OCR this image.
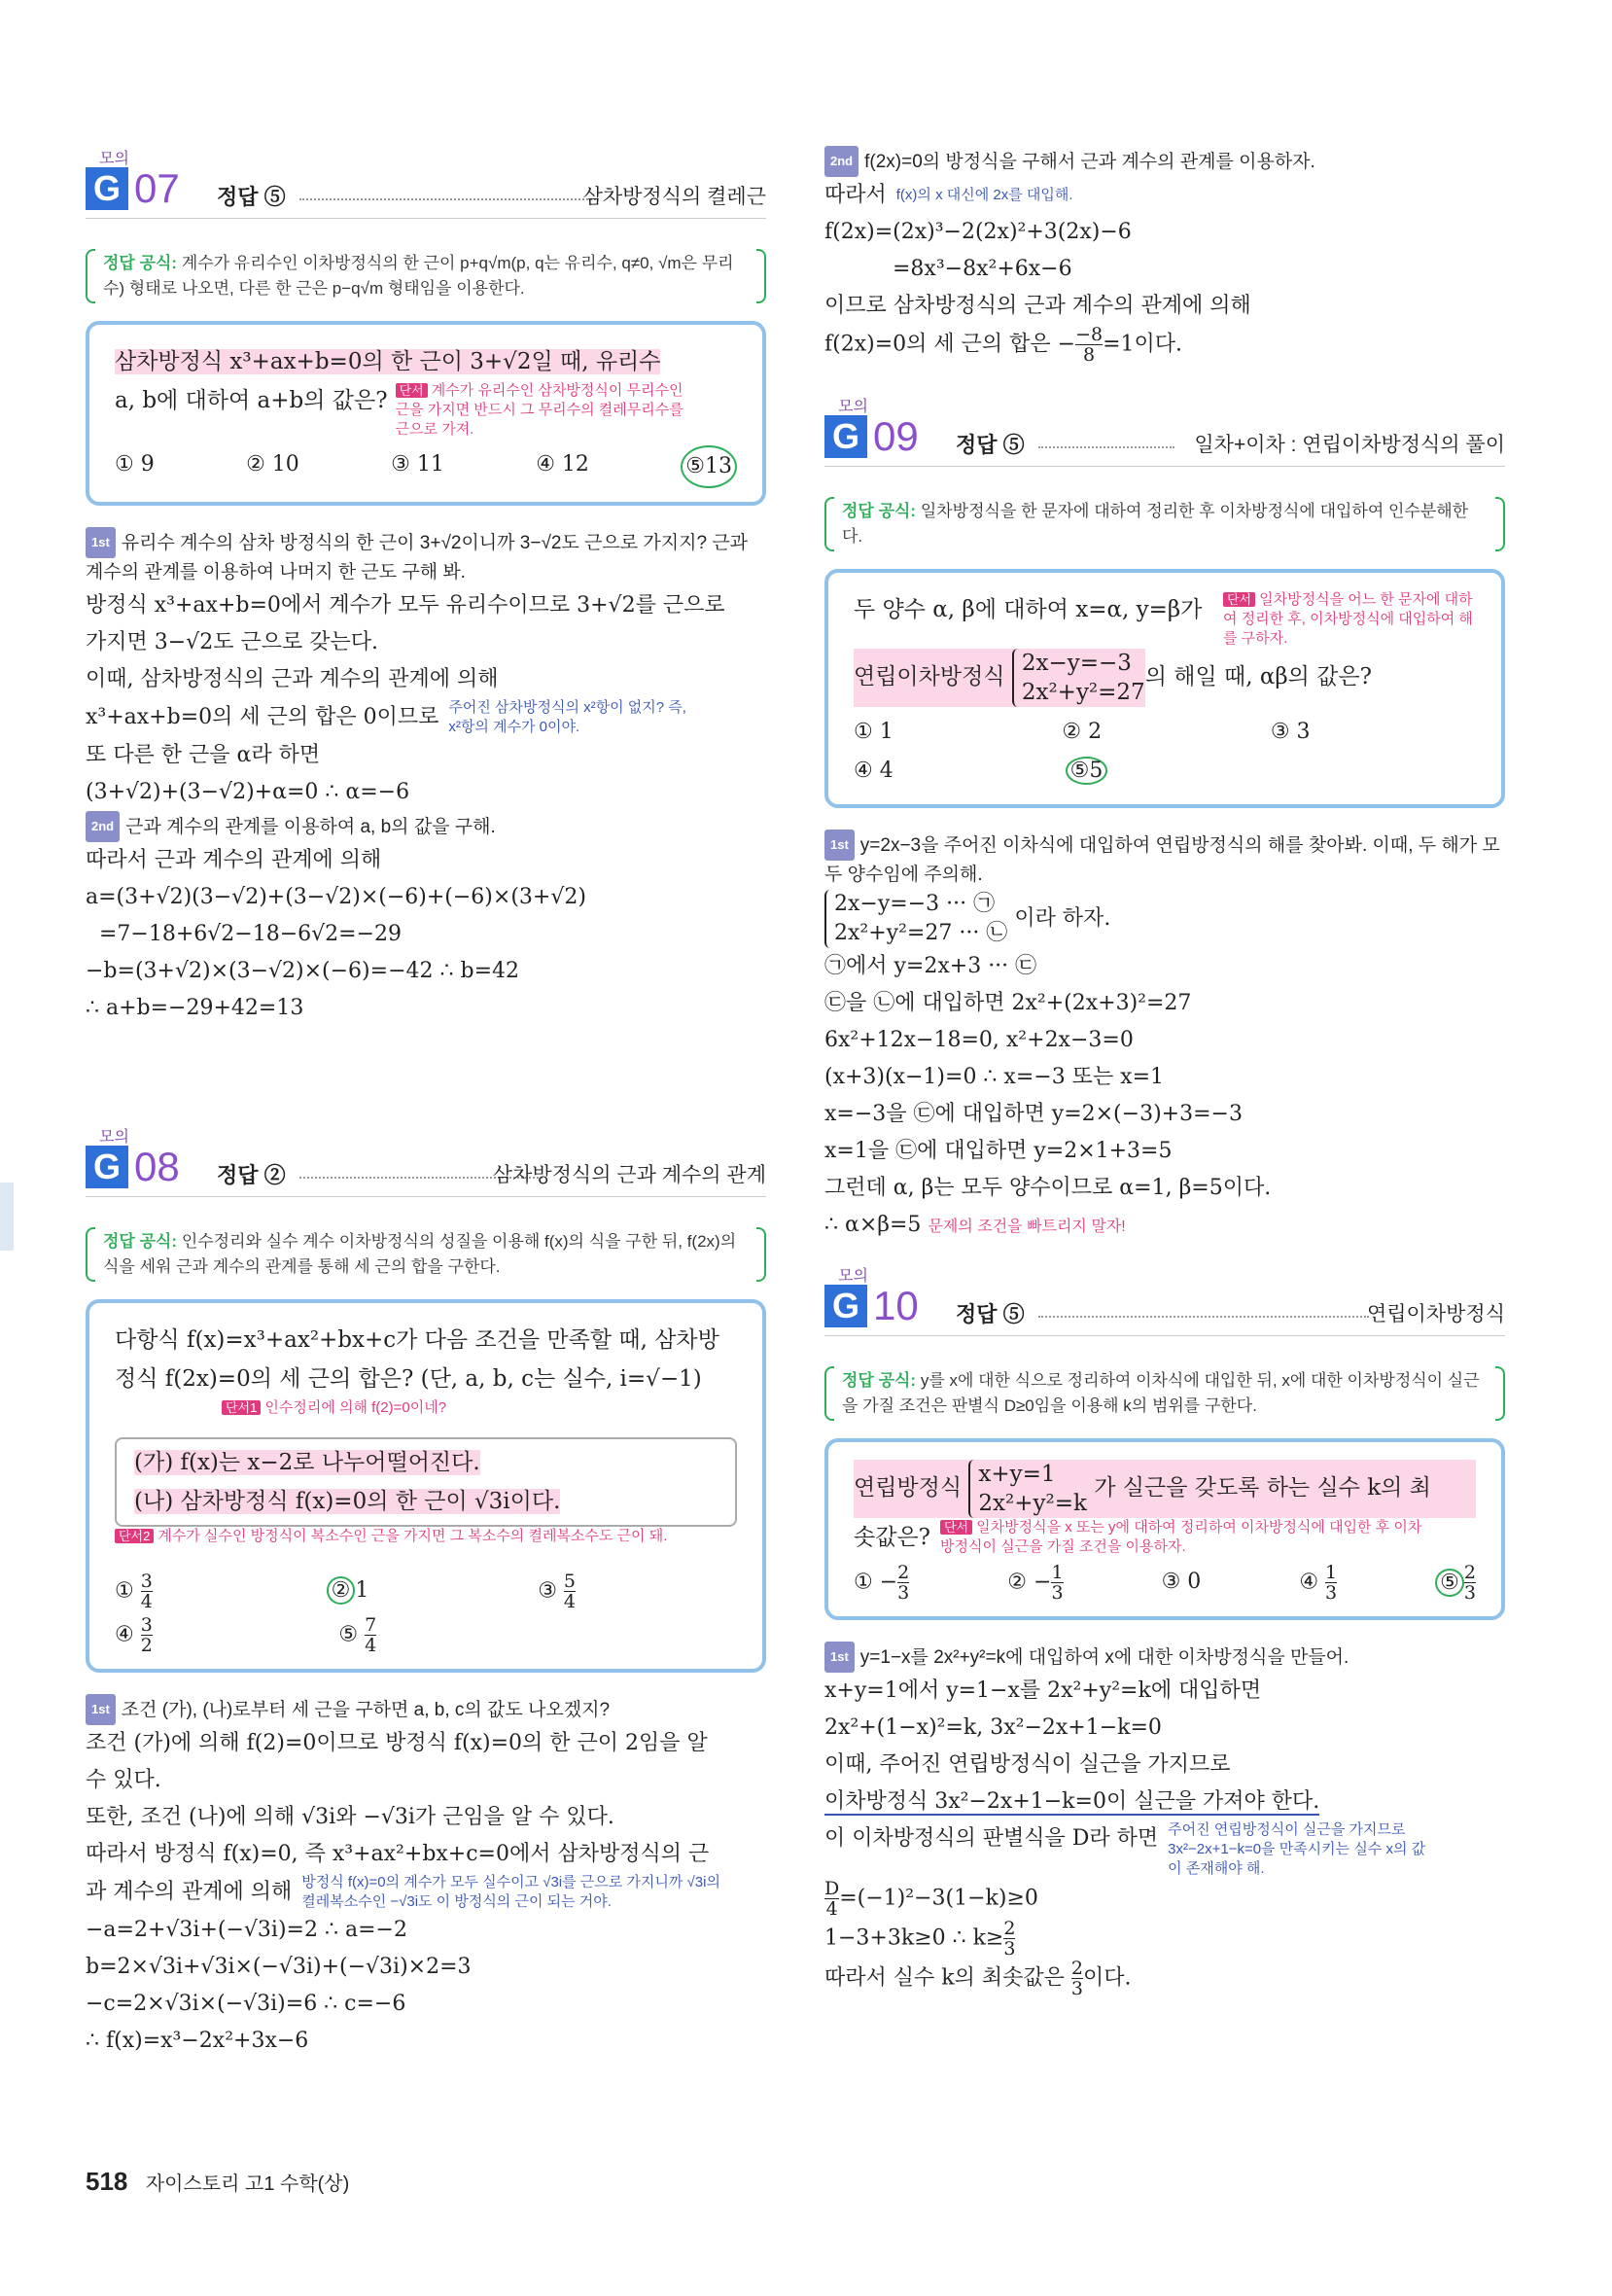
모의
G 07 정답 ⑤	삼차방정식의 켤레근
정답 공식: 계수가 유리수인 이차방정식의 한 근이 p+q√m(p, q는 유리수, q≠0, √m은 무리수) 형태로 나오면, 다른 한 근은 p−q√m 형태임을 이용한다.
삼차방정식 x³+ax+b=0의 한 근이 3+√2일 때, 유리수
a, b에 대하여 a+b의 값은? 단서 계수가 유리수인 삼차방정식이 무리수인 근을 가지면 반드시 그 무리수의 켤레무리수를 근으로 가져.
① 9	② 10	③ 11	④ 12	⑤13
1st 유리수 계수의 삼차 방정식의 한 근이 3+√2이니까 3−√2도 근으로 가지지? 근과 계수의 관계를 이용하여 나머지 한 근도 구해 봐.
방정식 x³+ax+b=0에서 계수가 모두 유리수이므로 3+√2를 근으로
가지면 3−√2도 근으로 갖는다.
이때, 삼차방정식의 근과 계수의 관계에 의해
x³+ax+b=0의 세 근의 합은 0이므로 주어진 삼차방정식의 x²항이 없지? 즉, x²항의 계수가 0이야.
또 다른 한 근을 α라 하면
(3+√2)+(3−√2)+α=0 ∴ α=−6
2nd 근과 계수의 관계를 이용하여 a, b의 값을 구해.
따라서 근과 계수의 관계에 의해
a=(3+√2)(3−√2)+(3−√2)×(−6)+(−6)×(3+√2)
=7−18+6√2−18−6√2=−29
−b=(3+√2)×(3−√2)×(−6)=−42 ∴ b=42
∴ a+b=−29+42=13
모의
G 08 정답 ②	삼차방정식의 근과 계수의 관계
정답 공식: 인수정리와 실수 계수 이차방정식의 성질을 이용해 f(x)의 식을 구한 뒤, f(2x)의 식을 세워 근과 계수의 관계를 통해 세 근의 합을 구한다.
다항식 f(x)=x³+ax²+bx+c가 다음 조건을 만족할 때, 삼차방
정식 f(2x)=0의 세 근의 합은? (단, a, b, c는 실수, i=√−1)
단서1 인수정리에 의해 f(2)=0이네?
(가) f(x)는 x−2로 나누어떨어진다.
(나) 삼차방정식 f(x)=0의 한 근이 √3i이다.
단서2 계수가 실수인 방정식이 복소수인 근을 가지면 그 복소수의 켤레복소수도 근이 돼.
① $\frac{3}{4}$	② 1	③ $\frac{5}{4}$
④ $\frac{3}{2}$	⑤ $\frac{7}{4}$
1st 조건 (가), (나)로부터 세 근을 구하면 a, b, c의 값도 나오겠지?
조건 (가)에 의해 f(2)=0이므로 방정식 f(x)=0의 한 근이 2임을 알
수 있다.
또한, 조건 (나)에 의해 √3i와 −√3i가 근임을 알 수 있다.
따라서 방정식 f(x)=0, 즉 x³+ax²+bx+c=0에서 삼차방정식의 근
과 계수의 관계에 의해 방정식 f(x)=0의 계수가 모두 실수이고 √3i를 근으로 가지니까 √3i의 켤레복소수인 −√3i도 이 방정식의 근이 되는 거야.
−a=2+√3i+(−√3i)=2 ∴ a=−2
b=2×√3i+√3i×(−√3i)+(−√3i)×2=3
−c=2×√3i×(−√3i)=6 ∴ c=−6
∴ f(x)=x³−2x²+3x−6
2nd f(2x)=0의 방정식을 구해서 근과 계수의 관계를 이용하자.
따라서 f(x)의 x 대신에 2x를 대입해.
f(2x)=(2x)³−2(2x)²+3(2x)−6
=8x³−8x²+6x−6
이므로 삼차방정식의 근과 계수의 관계에 의해
f(2x)=0의 세 근의 합은 − $\frac{-8}{8} =1$이다.
모의
G 09 정답 ⑤	일차+이차 : 연립이차방정식의 풀이
정답 공식: 일차방정식을 한 문자에 대하여 정리한 후 이차방정식에 대입하여 인수분해한다.
두 양수 α, β에 대하여 x=α, y=β가	단서 일차방정식을 어느 한 문자에 대하여 정리한 후, 이차방정식에 대입하여 해를 구하자.
연립이차방정식
2x−y=−3
2x²+y²=27
의 해일 때, αβ의 값은?
① 1	② 2	③ 3
④ 4	⑤5
1st y=2x−3을 주어진 이차식에 대입하여 연립방정식의 해를 찾아봐. 이때, 두 해가 모두 양수임에 주의해.
2x−y=−3 ··· ㉠
2x²+y²=27 ··· ㉡
이라 하자.
㉠에서 y=2x+3 ··· ㉢
㉢을 ㉡에 대입하면 2x²+(2x+3)²=27
6x²+12x−18=0, x²+2x−3=0
(x+3)(x−1)=0 ∴ x=−3 또는 x=1
x=−3을 ㉢에 대입하면 y=2×(−3)+3=−3
x=1을 ㉢에 대입하면 y=2×1+3=5
그런데 α, β는 모두 양수이므로 α=1, β=5이다.
∴ α×β=5 문제의 조건을 빠트리지 말자!
모의
G 10 정답 ⑤	연립이차방정식
정답 공식: y를 x에 대한 식으로 정리하여 이차식에 대입한 뒤, x에 대한 이차방정식이 실근을 가질 조건은 판별식 D≥0임을 이용해 k의 범위를 구한다.
연립방정식
x+y=1
2x²+y²=k
가 실근을 갖도록 하는 실수 k의 최
솟값은?	단서 일차방정식을 x 또는 y에 대하여 정리하여 이차방정식에 대입한 후 이차방정식이 실근을 가질 조건을 이용하자.
① − $\frac{2}{3}$	② − $\frac{1}{3}$	③ 0	④ $\frac{1}{3}$	⑤ $\frac{2}{3}$
1st y=1−x를 2x²+y²=k에 대입하여 x에 대한 이차방정식을 만들어.
x+y=1에서 y=1−x를 2x²+y²=k에 대입하면
2x²+(1−x)²=k, 3x²−2x+1−k=0
이때, 주어진 연립방정식이 실근을 가지므로
이차방정식 3x²−2x+1−k=0이 실근을 가져야 한다.
이 이차방정식의 판별식을 D라 하면 주어진 연립방정식이 실근을 가지므로 3x²−2x+1−k=0을 만족시키는 실수 x의 값이 존재해야 해.
$\frac{D}{4} =(-1)^2-3(1-k)\ge 0$
1−3+3k≥0 ∴ $k\ge \frac{2}{3}$
따라서 실수 k의 최솟값은 $\frac{2}{3}$ 이다.
518 자이스토리 고1 수학(상)
